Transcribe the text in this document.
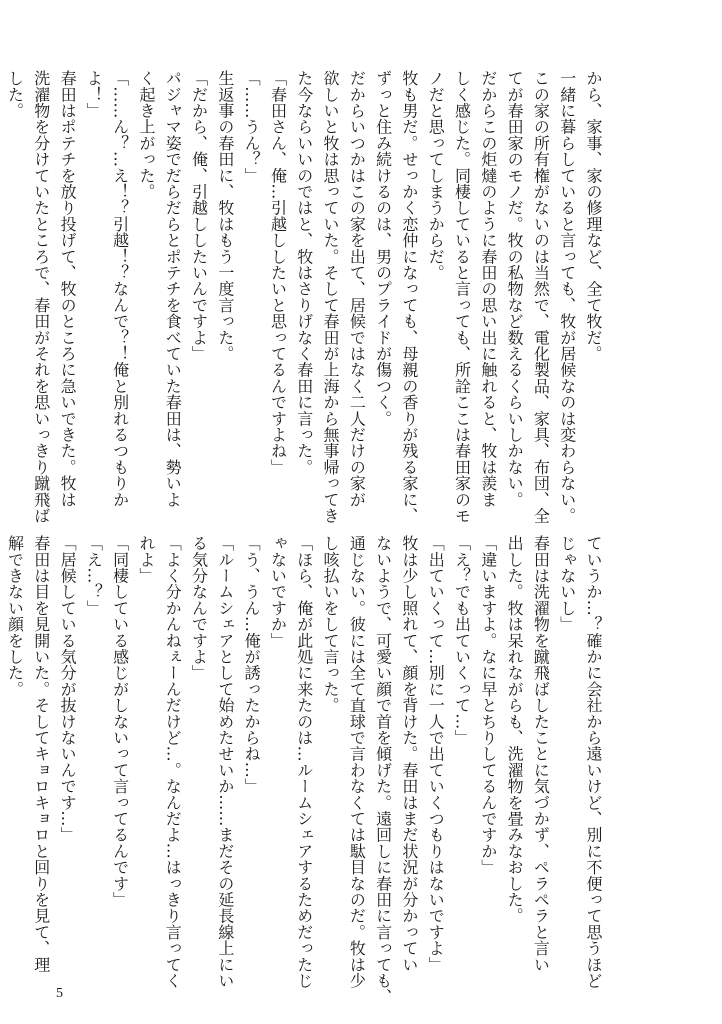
から、家事、家の修理など、全て牧だ。
一緒に暮らしていると言っても、牧が居候なのは変わらない。
この家の所有権がないのは当然で、電化製品、家具、布団、全
てが春田家のモノだ。牧の私物など数えるくらいしかない。
だからこの炬燵のように春田の思い出に触れると、牧は羨ま
しく感じた。同棲していると言っても、所詮ここは春田家のモ
ノだと思ってしまうからだ。
牧も男だ。せっかく恋仲になっても、母親の香りが残る家に、
ずっと住み続けるのは、男のプライドが傷つく。
だからいつかはこの家を出て、居候ではなく二人だけの家が
欲しいと牧は思っていた。そして春田が上海から無事帰ってき
た今ならいいのではと、牧はさりげなく春田に言った。
「春田さん、俺…引越ししたいと思ってるんですよね」
「……うん？」
生返事の春田に、牧はもう一度言った。
「だから、俺、引越ししたいんですよ」
パジャマ姿でだらだらとポテチを食べていた春田は、勢いよ
く起き上がった。
「……ん？…え！？引越！？なんで？！俺と別れるつもりか
よ！」
春田はポテチを放り投げて、牧のところに急いできた。牧は
洗濯物を分けていたところで、春田がそれを思いっきり蹴飛ば
した。
ていうか…？確かに会社から遠いけど、別に不便って思うほど
じゃないし」
春田は洗濯物を蹴飛ばしたことに気づかず、ペラペラと言い
出した。牧は呆れながらも、洗濯物を畳みなおした。
「違いますよ。なに早とちりしてるんですか」
「え？でも出ていくって…」
「出ていくって…別に一人で出ていくつもりはないですよ」
牧は少し照れて、顔を背けた。春田はまだ状況が分かってい
ないようで、可愛い顔で首を傾げた。遠回しに春田に言っても、
通じない。彼には全て直球で言わなくては駄目なのだ。牧は少
し咳払いをして言った。
「ほら、俺が此処に来たのは…ルームシェアするためだったじ
ゃないですか」
「う、うん…俺が誘ったからね…」
「ルームシェアとして始めたせいか……まだその延長線上にい
る気分なんですよ」
「よく分かんねぇーんだけど…。なんだよ…はっきり言ってく
れよ」
「同棲している感じがしないって言ってるんです」
「え…？」
「居候している気分が抜けないんです…」
春田は目を見開いた。そしてキョロキョロと回りを見て、理
解できない顔をした。
5
